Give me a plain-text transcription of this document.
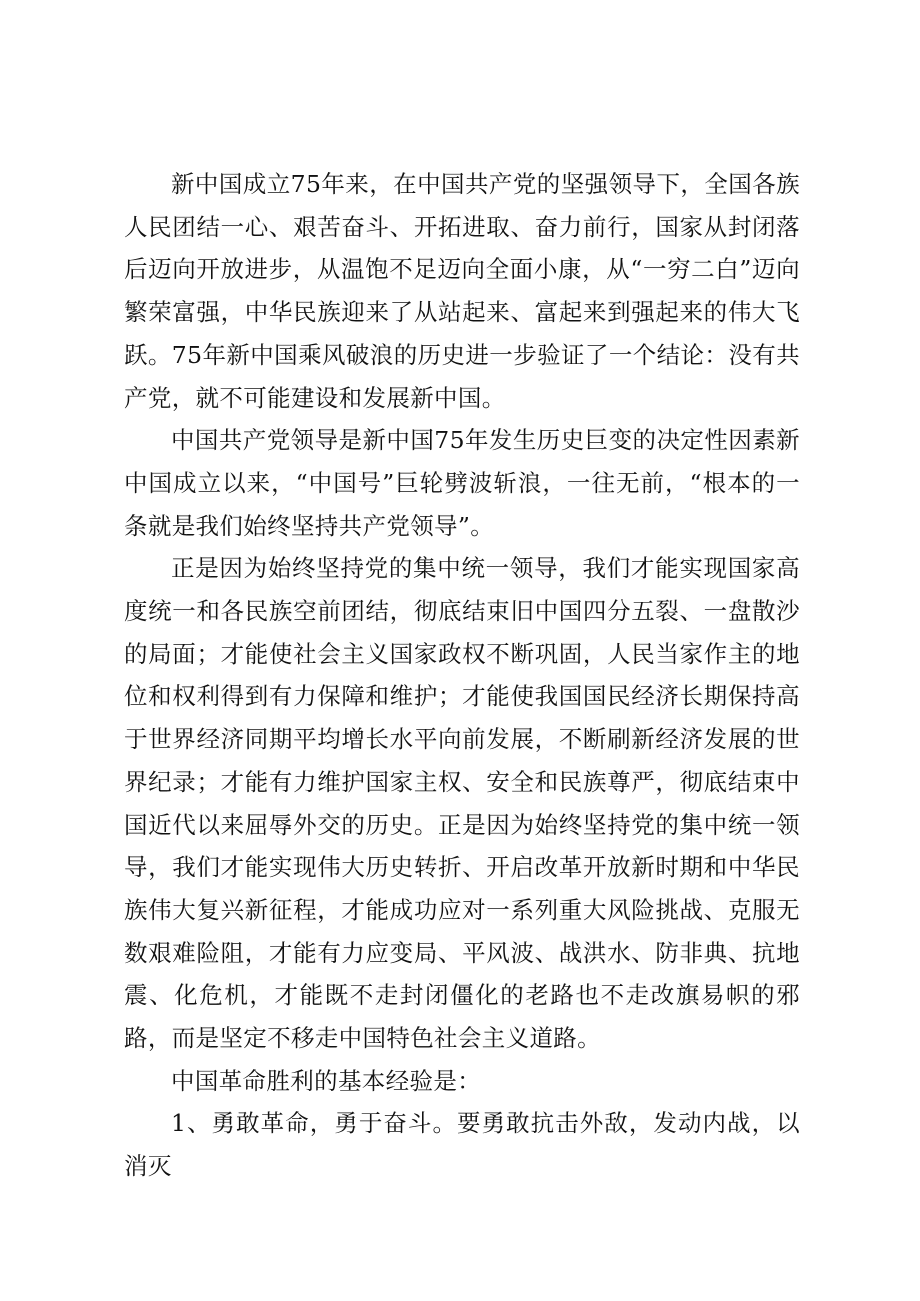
新中国成立75年来，在中国共产党的坚强领导下，全国各族人民团结一心、艰苦奋斗、开拓进取、奋力前行，国家从封闭落后迈向开放进步，从温饱不足迈向全面小康，从“一穷二白”迈向繁荣富强，中华民族迎来了从站起来、富起来到强起来的伟大飞跃。75年新中国乘风破浪的历史进一步验证了一个结论：没有共产党，就不可能建设和发展新中国。

中国共产党领导是新中国75年发生历史巨变的决定性因素新中国成立以来，“中国号”巨轮劈波斩浪，一往无前，“根本的一条就是我们始终坚持共产党领导”。

正是因为始终坚持党的集中统一领导，我们才能实现国家高度统一和各民族空前团结，彻底结束旧中国四分五裂、一盘散沙的局面；才能使社会主义国家政权不断巩固，人民当家作主的地位和权利得到有力保障和维护；才能使我国国民经济长期保持高于世界经济同期平均增长水平向前发展，不断刷新经济发展的世界纪录；才能有力维护国家主权、安全和民族尊严，彻底结束中国近代以来屈辱外交的历史。正是因为始终坚持党的集中统一领导，我们才能实现伟大历史转折、开启改革开放新时期和中华民族伟大复兴新征程，才能成功应对一系列重大风险挑战、克服无数艰难险阻，才能有力应变局、平风波、战洪水、防非典、抗地震、化危机，才能既不走封闭僵化的老路也不走改旗易帜的邪路，而是坚定不移走中国特色社会主义道路。

中国革命胜利的基本经验是：

1、勇敢革命，勇于奋斗。要勇敢抗击外敌，发动内战，以消灭
